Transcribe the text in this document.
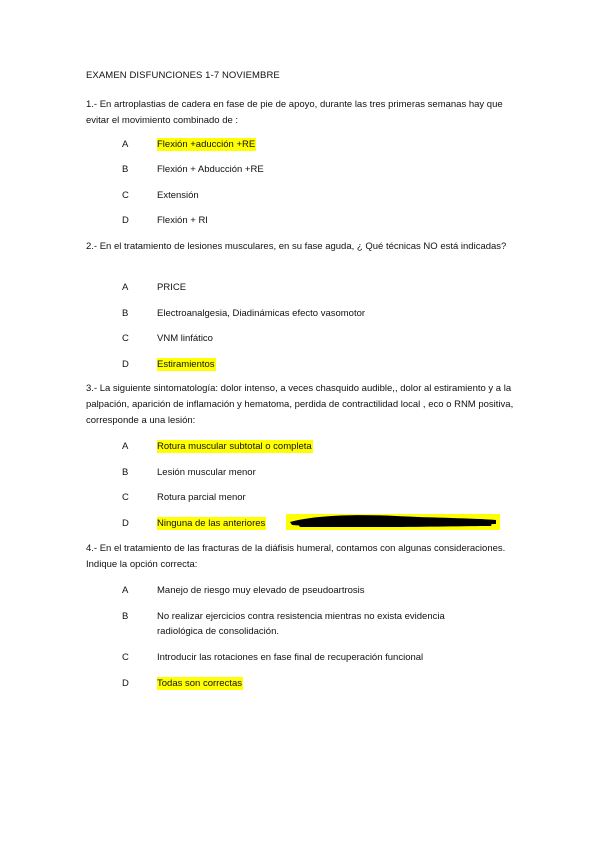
EXAMEN DISFUNCIONES 1-7 NOVIEMBRE
1.- En artroplastias de cadera en fase de pie de apoyo, durante las tres primeras semanas hay que evitar el movimiento combinado de :
A	Flexión +aducción +RE
B	Flexión + Abducción +RE
C	Extensión
D	Flexión + RI
2.- En el tratamiento de lesiones musculares, en su fase aguda, ¿ Qué técnicas NO está indicadas?
A	PRICE
B	Electroanalgesia, Diadinámicas efecto vasomotor
C	VNM linfático
D	Estiramientos
3.- La siguiente sintomatología: dolor intenso, a veces chasquido audible,, dolor al estiramiento y a la palpación, aparición de inflamación y hematoma, perdida de contractilidad local , eco o RNM positiva, corresponde a una lesión:
A	Rotura muscular subtotal o completa
B	Lesión muscular menor
C	Rotura parcial menor
D	Ninguna de las anteriores
4.- En el tratamiento de las fracturas de la diáfisis humeral, contamos con algunas consideraciones. Indique la opción correcta:
A	Manejo de riesgo muy elevado de pseudoartrosis
B	No realizar ejercicios contra resistencia mientras no exista evidencia radiológica de consolidación.
C	Introducir las rotaciones en fase final de recuperación funcional
D	Todas son correctas
